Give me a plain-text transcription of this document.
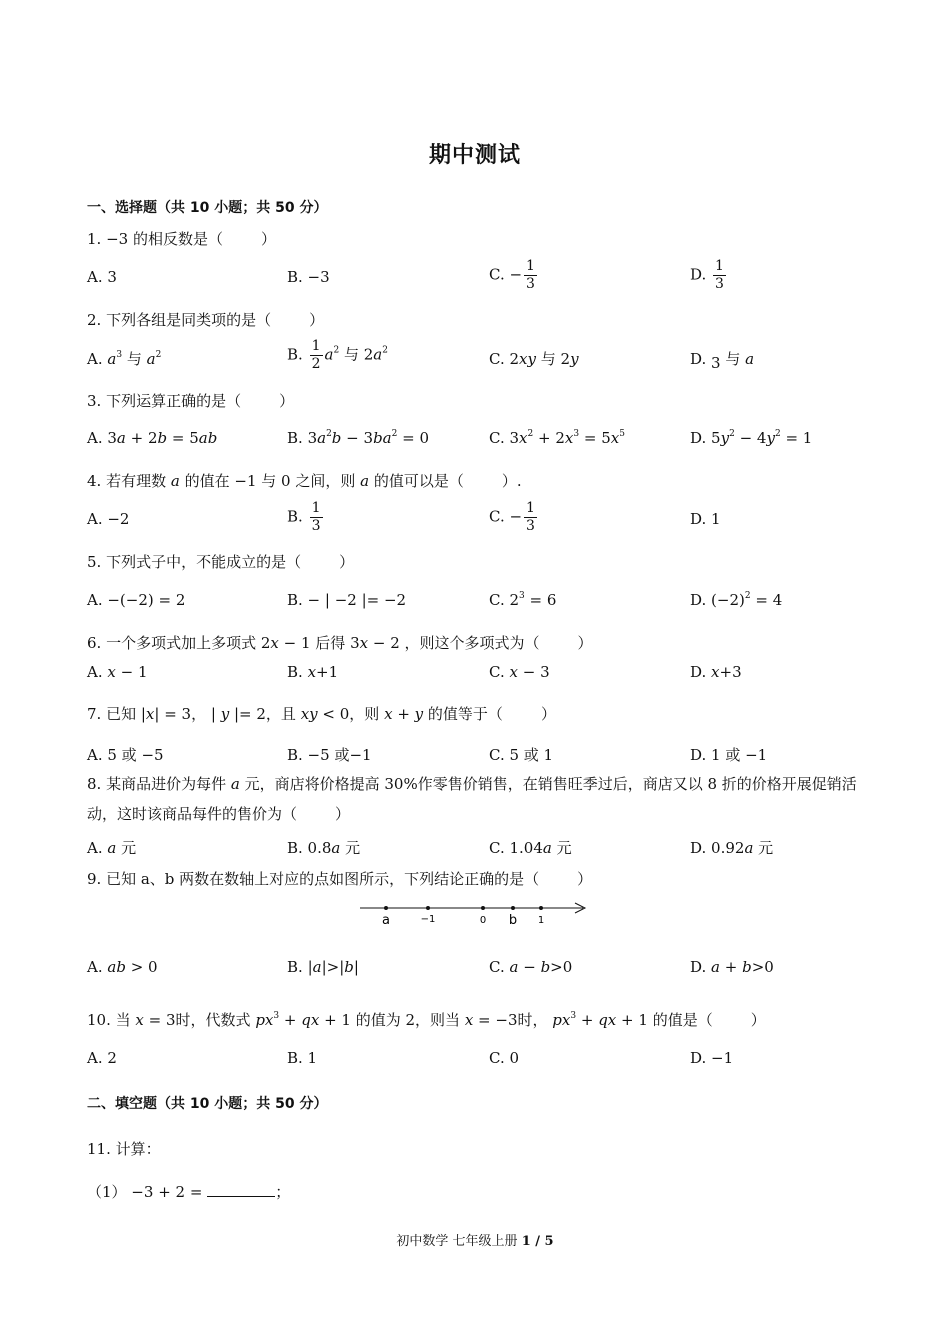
期中测试
一、选择题（共 10 小题；共 50 分）
1. −3 的相反数是（	）
A. 3	B. −3	C. − $\frac{1}{3}$	D. $\frac{1}{3}$
2. 下列各组是同类项的是（	）
A. $a^3$ 与 $a^2$	B. $\frac{1}{2} a^2$ 与 $2a^2$	C. 2xy 与 2y	D. 3 与 a
3. 下列运算正确的是（	）
A. 3a + 2b = 5ab	B. $3a^2b - 3ba^2 = 0$	C. $3x^2 + 2x^3 = 5x^5$	D. $5y^2 - 4y^2 = 1$
4. 若有理数 a 的值在 −1 与 0 之间，则 a 的值可以是（	）.
A. −2	B. $\frac{1}{3}$	C. − $\frac{1}{3}$	D. 1
5. 下列式子中，不能成立的是（	）
A. −(−2) = 2	B. − | −2 |= −2	C. $2^3 = 6$	D. $(-2)^2 = 4$
6. 一个多项式加上多项式 2x − 1 后得 3x − 2 ，则这个多项式为（	）
A. x − 1	B. x+1	C. x − 3	D. x+3
7. 已知 |x| = 3， | y |= 2，且 xy < 0，则 x + y 的值等于（	）
A. 5 或 −5	B. −5 或−1	C. 5 或 1	D. 1 或 −1
8. 某商品进价为每件 a 元，商店将价格提高 30%作零售价销售，在销售旺季过后，商店又以 8 折的价格开展促销活动，这时该商品每件的售价为（	）
A. a 元	B. 0.8a 元	C. 1.04a 元	D. 0.92a 元
9. 已知 a、b 两数在数轴上对应的点如图所示，下列结论正确的是（	）
a	−1	0 b 1
A. ab > 0	B. |a|>|b|	C. a − b>0	D. a + b>0
10. 当 x = 3时，代数式 $px^3$ + qx + 1 的值为 2，则当 x = −3时， $px^3$ + qx + 1 的值是（	）
A. 2	B. 1	C. 0	D. −1
二、填空题（共 10 小题；共 50 分）
11. 计算：
（1） −3 + 2 =	；
初中数学 七年级上册 1 / 5
